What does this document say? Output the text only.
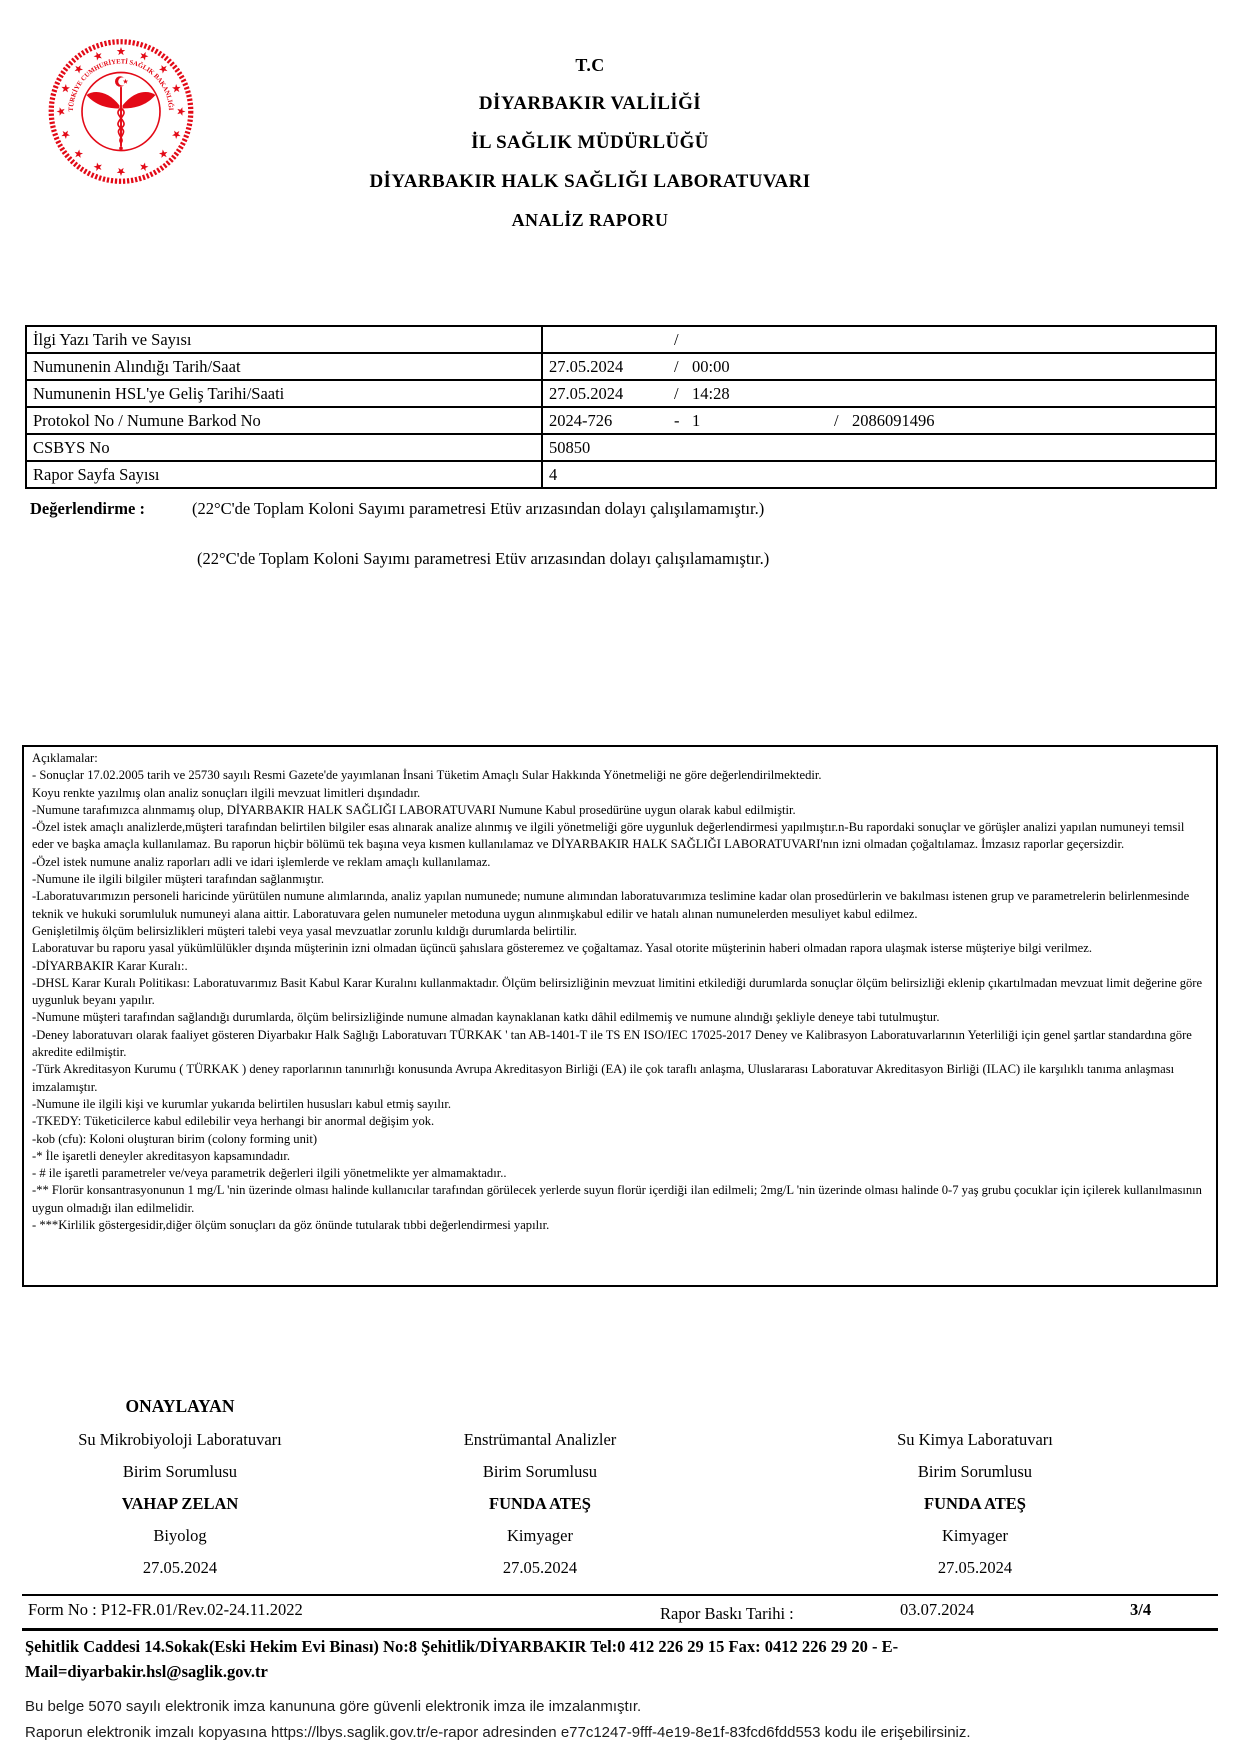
TÜRKİYE CUMHURİYETİ SAĞLIK BAKANLIĞI
T.C
DİYARBAKIR VALİLİĞİ
İL SAĞLIK MÜDÜRLÜĞÜ
DİYARBAKIR HALK SAĞLIĞI LABORATUVARI
ANALİZ RAPORU
İlgi Yazı Tarih ve Sayısı	/
Numunenin Alındığı Tarih/Saat	27.05.2024 / 00:00
Numunenin HSL'ye Geliş Tarihi/Saati	27.05.2024 / 14:28
Protokol No / Numune Barkod No	2024-726 - 1 / 2086091496
CSBYS No	50850
Rapor Sayfa Sayısı	4
Değerlendirme :	(22°C'de Toplam Koloni Sayımı parametresi Etüv arızasından dolayı çalışılamamıştır.)
(22°C'de Toplam Koloni Sayımı parametresi Etüv arızasından dolayı çalışılamamıştır.)
Açıklamalar:
- Sonuçlar 17.02.2005 tarih ve 25730 sayılı Resmi Gazete'de yayımlanan İnsani Tüketim Amaçlı Sular Hakkında Yönetmeliği ne göre değerlendirilmektedir.
Koyu renkte yazılmış olan analiz sonuçları ilgili mevzuat limitleri dışındadır.
-Numune tarafımızca alınmamış olup, DİYARBAKIR HALK SAĞLIĞI LABORATUVARI Numune Kabul prosedürüne uygun olarak kabul edilmiştir.
-Özel istek amaçlı analizlerde,müşteri tarafından belirtilen bilgiler esas alınarak analize alınmış ve ilgili yönetmeliği göre uygunluk değerlendirmesi yapılmıştır.n-Bu rapordaki sonuçlar ve görüşler analizi yapılan numuneyi temsil eder ve başka amaçla kullanılamaz. Bu raporun hiçbir bölümü tek başına veya kısmen kullanılamaz ve DİYARBAKIR HALK SAĞLIĞI LABORATUVARI'nın izni olmadan çoğaltılamaz. İmzasız raporlar geçersizdir.
-Özel istek numune analiz raporları adli ve idari işlemlerde ve reklam amaçlı kullanılamaz.
-Numune ile ilgili bilgiler müşteri tarafından sağlanmıştır.
-Laboratuvarımızın personeli haricinde yürütülen numune alımlarında, analiz yapılan numunede; numune alımından laboratuvarımıza teslimine kadar olan prosedürlerin ve bakılması istenen grup ve parametrelerin belirlenmesinde teknik ve hukuki sorumluluk numuneyi alana aittir. Laboratuvara gelen numuneler metoduna uygun alınmışkabul edilir ve hatalı alınan numunelerden mesuliyet kabul edilmez.
Genişletilmiş ölçüm belirsizlikleri müşteri talebi veya yasal mevzuatlar zorunlu kıldığı durumlarda belirtilir.
Laboratuvar bu raporu yasal yükümlülükler dışında müşterinin izni olmadan üçüncü şahıslara gösteremez ve çoğaltamaz. Yasal otorite müşterinin haberi olmadan rapora ulaşmak isterse müşteriye bilgi verilmez.
-DİYARBAKIR Karar Kuralı:.
-DHSL Karar Kuralı Politikası: Laboratuvarımız Basit Kabul Karar Kuralını kullanmaktadır. Ölçüm belirsizliğinin mevzuat limitini etkilediği durumlarda sonuçlar ölçüm belirsizliği eklenip çıkartılmadan mevzuat limit değerine göre uygunluk beyanı yapılır.
-Numune müşteri tarafından sağlandığı durumlarda, ölçüm belirsizliğinde numune almadan kaynaklanan katkı dâhil edilmemiş ve numune alındığı şekliyle deneye tabi tutulmuştur.
-Deney laboratuvarı olarak faaliyet gösteren Diyarbakır Halk Sağlığı Laboratuvarı TÜRKAK ' tan AB-1401-T ile TS EN ISO/IEC 17025-2017 Deney ve Kalibrasyon Laboratuvarlarının Yeterliliği için genel şartlar standardına göre akredite edilmiştir.
-Türk Akreditasyon Kurumu ( TÜRKAK ) deney raporlarının tanınırlığı konusunda Avrupa Akreditasyon Birliği (EA) ile çok taraflı anlaşma, Uluslararası Laboratuvar Akreditasyon Birliği (ILAC) ile karşılıklı tanıma anlaşması imzalamıştır.
-Numune ile ilgili kişi ve kurumlar yukarıda belirtilen hususları kabul etmiş sayılır.
-TKEDY: Tüketicilerce kabul edilebilir veya herhangi bir anormal değişim yok.
-kob (cfu): Koloni oluşturan birim (colony forming unit)
-* İle işaretli deneyler akreditasyon kapsamındadır.
- # ile işaretli parametreler ve/veya parametrik değerleri ilgili yönetmelikte yer almamaktadır..
-** Florür konsantrasyonunun 1 mg/L 'nin üzerinde olması halinde kullanıcılar tarafından görülecek yerlerde suyun florür içerdiği ilan edilmeli; 2mg/L 'nin üzerinde olması halinde 0-7 yaş grubu çocuklar için içilerek kullanılmasının uygun olmadığı ilan edilmelidir.
- ***Kirlilik göstergesidir,diğer ölçüm sonuçları da göz önünde tutularak tıbbi değerlendirmesi yapılır.
ONAYLAYAN
Su Mikrobiyoloji Laboratuvarı
Birim Sorumlusu
VAHAP ZELAN
Biyolog
27.05.2024
Enstrümantal Analizler
Birim Sorumlusu
FUNDA ATEŞ
Kimyager
27.05.2024
Su Kimya Laboratuvarı
Birim Sorumlusu
FUNDA ATEŞ
Kimyager
27.05.2024
Form No : P12-FR.01/Rev.02-24.11.2022	Rapor Baskı Tarihi :	03.07.2024	3/4
Şehitlik Caddesi 14.Sokak(Eski Hekim Evi Binası) No:8 Şehitlik/DİYARBAKIR Tel:0 412 226 29 15 Fax: 0412 226 29 20 - E-
Mail=diyarbakir.hsl@saglik.gov.tr
Bu belge 5070 sayılı elektronik imza kanununa göre güvenli elektronik imza ile imzalanmıştır.
Raporun elektronik imzalı kopyasına https://lbys.saglik.gov.tr/e-rapor adresinden e77c1247-9fff-4e19-8e1f-83fcd6fdd553 kodu ile erişebilirsiniz.
